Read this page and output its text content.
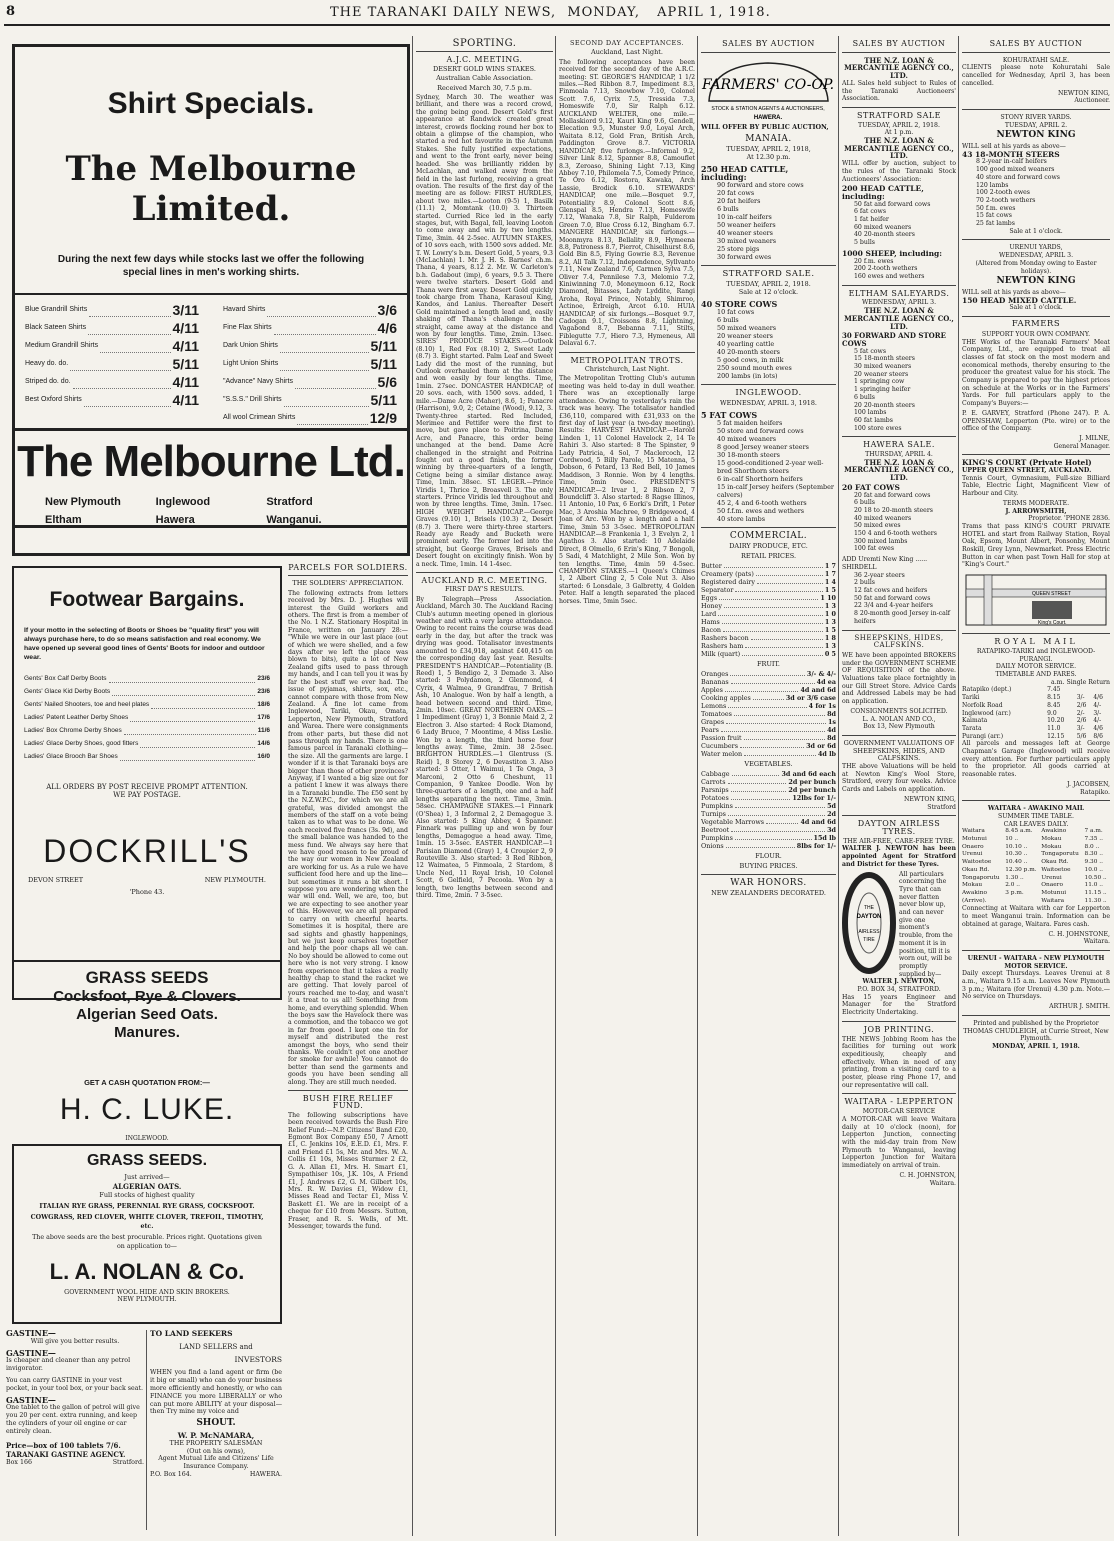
8	THE TARANAKI DAILY NEWS, MONDAY, APRIL 1, 1918.
Shirt Specials.
The Melbourne Limited.
During the next few days while stocks last we offer the following special lines in men's working shirts.
Blue Grandrill Shirts	3/11
Black Sateen Shirts	4/11
Medium Grandrill Shirts	4/11
Heavy do. do.	5/11
Striped do. do.	4/11
Best Oxford Shirts	4/11
Havard Shirts	3/6
Fine Flax Shirts	4/6
Dark Union Shirts	5/11
Light Union Shirts	5/11
"Advance" Navy Shirts	5/6
"S.S.S." Drill Shirts	5/11
All wool Crimean Shirts	12/9
The Melbourne Ltd.
New Plymouth	Inglewood	Stratford
Eltham	Hawera	Wanganui.
Footwear Bargains.
If your motto in the selecting of Boots or Shoes be "quality first" you will always purchase here, to do so means satisfaction and real economy. We have opened up several good lines of Gents' Boots for indoor and outdoor wear.
Gents' Box Calf Derby Boots	23/6
Gents' Glace Kid Derby Boots	23/6
Gents' Nailed Shooters, toe and heel plates	18/6
Ladies' Patent Leather Derby Shoes	17/6
Ladies' Box Chrome Derby Shoes	11/6
Ladies' Glace Derby Shoes, good fitters	14/6
Ladies' Glace Brooch Bar Shoes	16/0
ALL ORDERS BY POST RECEIVE PROMPT ATTENTION.
WE PAY POSTAGE.
DOCKRILL'S
DEVON STREET	NEW PLYMOUTH.
'Phone 43.
GRASS SEEDS
Cocksfoot, Rye & Clovers.
Algerian Seed Oats.
Manures.
GET A CASH QUOTATION FROM:—
H. C. LUKE.
INGLEWOOD.
GRASS SEEDS.
Just arrived—
ALGERIAN OATS.
Full stocks of highest quality
ITALIAN RYE GRASS, PERENNIAL RYE GRASS, COCKSFOOT.
COWGRASS, RED CLOVER, WHITE CLOVER, TREFOIL, TIMOTHY, etc.
The above seeds are the best procurable. Prices right. Quotations given on application to—
L. A. NOLAN & Co.
GOVERNMENT WOOL HIDE AND SKIN BROKERS.
NEW PLYMOUTH.
GASTINE—
Will give you better results.
GASTINE—
Is cheaper and cleaner than any petrol invigorator.
You can carry GASTINE in your vest pocket, in your tool box, or your back seat.
GASTINE—
One tablet to the gallon of petrol will give you 20 per cent. extra running, and keep the cylinders of your oil engine or car entirely clean.
Price—box of 100 tablets 7/6.
TARANAKI GASTINE AGENCY.
Box 166	Stratford.
TO LAND SEEKERS
LAND SELLERS and
INVESTORS
WHEN you find a land agent or firm (be it big or small) who can do your business more efficiently and honestly, or who can FINANCE you more LIBERALLY or who can put more ABILITY at your disposal—then Try mine my voice and
SHOUT.
W. P. McNAMARA,
THE PROPERTY SALESMAN
(Out on his owns),
Agent Mutual Life and Citizens' Life Insurance Company.
P.O. Box 164.	HAWERA.
PARCELS FOR SOLDIERS.
THE SOLDIERS' APPRECIATION.
The following extracts from letters received by Mrs. D. J. Hughes will interest the Guild workers and others. The first is from a member of the No. 1 N.Z. Stationary Hospital in France, written on January 28:— "While we were in our last place (out of which we were shelled, and a few days after we left the place was blown to bits), quite a lot of New Zealand gifts used to pass through my hands, and I can tell you it was by far the best stuff we ever had. The issue of pyjamas, shirts, sox, etc., cannot compare with those from New Zealand. A fine lot came from Inglewood, Tariki, Okau, Omata, Lepperton, New Plymouth, Stratford and Warea. There were consignments from other parts, but these did not pass through my hands. There is one famous parcel in Taranaki clothing— the size. All the garments are large. I wonder if it is that Taranaki boys are bigger than those of other provinces? Anyway, if I wanted a big size out for a patient I knew it was always there in a Taranaki bundle. The £50 sent by the N.Z.W.P.C., for which we are all grateful, was divided amongst the members of the staff on a vote being taken as to what was to be done. We each received five francs (3s. 9d), and the small balance was handed to the mess fund. We always say here that we have good reason to be proud of the way our women in New Zealand are working for us. As a rule we have sufficient food here and up the line—but sometimes it runs a bit short. I suppose you are wondering when the war will end. Well, we are, too, but we are expecting to see another year of this. However, we are all prepared to carry on with cheerful hearts. Sometimes it is hospital, there are sad sights and ghastly happenings, but we just keep ourselves together and help the poor chaps all we can. No boy should be allowed to come out here who is not very strong. I know from experience that it takes a really healthy chap to stand the racket we are getting. That lovely parcel of yours reached me to-day, and wasn't it a treat to us all! Something from home, and everything splendid. When the boys saw the Havelock there was a commotion, and the tobacco we got in far from good. I kept one tin for myself and distributed the rest amongst the boys, who send their thanks. We couldn't get one another for smoke for awhile! You cannot do better than send the garments and goods you have been sending all along. They are still much needed.
BUSH FIRE RELIEF FUND.
The following subscriptions have been received towards the Bush Fire Relief Fund:—N.P. Citizens' Band £20, Egmont Box Company £50, 7 Arnott £1, C. Jenkins 10s, E.E.D. £1, Mrs. F. and Friend £1 5s, Mr. and Mrs. W. A. Collis £1 10s, Misses Sturmer 2 £2, G. A. Allan £1, Mrs. H. Smart £1, Sympathiser 10s, J.K. 10s, A Friend £1, J. Andrews £2, G. M. Gilbert 10s, Mrs. R. W. Davies £1, Widow £1, Misses Read and Tectar £1, Miss V. Baskett £1. We are in receipt of a cheque for £10 from Messrs. Sutton, Fraser, and R. S. Wells, of Mt. Messenger, towards the fund.
SPORTING.
A.J.C. MEETING.
DESERT GOLD WINS STAKES.
Australian Cable Association.
Received March 30, 7.5 p.m.
Sydney, March 30. The weather was brilliant, and there was a record crowd, the going being good. Desert Gold's first appearance at Randwick created great interest, crowds flocking round her box to obtain a glimpse of the champion, who started a red hot favourite in the Autumn Stakes. She fully justified expectations, and went to the front early, never being headed. She was brilliantly ridden by McLachlan, and walked away from the field in the last furlong, receiving a great ovation. The results of the first day of the meeting are as follow: FIRST HURDLES, about two miles.—Looton (9-5) 1, Basilk (11.1) 2, Momtank (10.0) 3. Thirteen started. Curried Rice led in the early stages, but, with Bagal, fell, leaving Looton to come away and win by two lengths. Time, 3min. 44 2-5sec. AUTUMN STAKES, of 10 sovs each, with 1500 sovs added. Mr. T. W. Lowry's b.m. Desert Gold, 5 years, 9.3 (McLachlan) 1. Mr. J. H. S. Barnes' ch.m. Thana, 4 years, 8.12 2. Mr. W. Carleton's b.h. Gadabout (imp), 6 years, 9.5 3. There were twelve starters. Desert Gold and Thana were first away. Desert Gold quickly took charge from Thana, Karasoul King, Kandos, and Lanius. Thereafter Desert Gold maintained a length lead and, easily shaking off Thana's challenge in the straight, came away at the distance and won by four lengths. Time, 2min. 13sec. SIRES' PRODUCE STAKES.—Outlook (8.10) 1, Red Fox (8.10) 2, Sweet Lady (8.7) 3. Eight started. Palm Leaf and Sweet Lady did the most of the running, but Outlook overhauled them at the distance and won easily by four lengths. Time, 1min. 27sec. DONCASTER HANDICAP, of 20 sovs. each, with 1500 sovs. added, 1 mile.—Dame Acre (Maher), 8.6, 1; Panacre (Harrison), 9.0, 2; Cetaine (Wood), 9.12, 3. Twenty-three started. Red Included, Merimee and Pettifer were the first to move, but gave place to Poitrina, Dame Acre, and Panacre, this order being unchanged at the bend. Dame Acre challenged in the straight and Poitrina fought out a good finish, the former winning by three-quarters of a length, Cetigne being a similar distance away. Time, 1min. 38sec. ST. LEGER.—Prince Viridis 1, Thrice 2, Broasvell 3. The only starters. Prince Viridis led throughout and won by three lengths. Time, 3min. 17sec. HIGH WEIGHT HANDICAP.—George Graves (9.10) 1, Brisels (10.3) 2, Desert (8.7) 3. There were thirty-three starters. Ready aye Ready and Bucketh were prominent early. The former led into the straight, but George Graves, Brisels and Desert fought on excitingly finish. Won by a neck. Time, 1min. 14 1-4sec.
AUCKLAND R.C. MEETING.
FIRST DAY'S RESULTS.
By Telegraph—Press Association. Auckland, March 30. The Auckland Racing Club's autumn meeting opened in glorious weather and with a very large attendance. Owing to recent rains the course was dead early in the day, but after the track was drying was good. Totalisator investments amounted to £34,918, against £40,415 on the corresponding day last year. Results: PRESIDENT'S HANDICAP.—Potentiality (B. Reed) 1, 5 Bendigo 2, 3 Demade 3. Also started: 3 Polydamon, 2 Glenmond, 4 Cyrix, 4 Walmea, 9 Grandfrau, 7 British Ash, 10 Analogue. Won by half a length, a head between second and third. Time, 2min. 10sec. GREAT NORTHERN OAKS.—1 Impediment (Gray) 1, 3 Bonnie Maid 2, 2 Electron 3. Also started: 4 Rock Diamond, 6 Lady Bruce, 7 Moontime, 4 Miss Leslie. Won by a length, the third horse four lengths away. Time, 2min. 38 2-5sec. BRIGHTON HURDLES.—1 Glentruss (S. Reid) 1, 8 Storey 2, 6 Devastiton 3. Also started: 3 Otter, 1 Waimui, 1 Te Onga, 3 Marconi, 2 Otto 6 Cheshunt, 11 Companion, 9 Yankee Doodle. Won by three-quarters of a length, one and a half lengths separating the next. Time, 3min. 58sec. CHAMPAGNE STAKES.—1 Finnark (O'Shea) 1, 3 Informal 2, 2 Demagogue 3. Also started: 5 King Abbey, 4 Spanner. Finnark was pulling up and won by four lengths, Demagogue a head away. Time, 1min. 15 3-5sec. EASTER HANDICAP.—1 Parisian Diamond (Gray) 1, 4 Croupier 2, 9 Routeville 3. Also started: 3 Red Ribbon, 12 Waimatea, 5 Finmoala, 2 Stardom, 8 Uncle Ned, 11 Royal Irish, 10 Colonel Scott, 6 Gelfield, 7 Pecoola. Won by a length, two lengths between second and third. Time, 2min. 7 3-5sec.
SECOND DAY ACCEPTANCES.
Auckland, Last Night.
The following acceptances have been received for the second day of the A.R.C. meeting: ST. GEORGE'S HANDICAP, 1 1/2 miles.—Red Ribbon 8.7, Impediment 8.3, Finmoala 7.13, Snowbow 7.10, Colonel Scott 7.6, Cyrix 7.5, Tressida 7.3, Homeswife 7.0, Sir Ralph 6.12. AUCKLAND WELTER, one mile.—Mollaskiord 9.12, Kauri King 9.6, Gendell, Elecation 9.5, Munster 9.0, Loyal Arch, Waitata 8.12, Gold Fran, British Arch, Paddington Grove 8.7. VICTORIA HANDICAP, five furlongs.—Informal 9.2, Silver Link 8.12, Spanner 8.8, Camouflet 8.3, Zeroaso, Shining Light 7.13, King Abbey 7.10, Philomela 7.5, Comedy Prince, Te Oro 6.12, Rostora, Kawaka, Arch Lassie, Brodick 6.10. STEWARDS' HANDICAP, one mile.—Bosquet 9.7, Potentiality 8.9, Colonel Scott 8.6, Glenspal 8.5, Hendra 7.13, Homeswife 7.12, Wanaka 7.8, Sir Ralph, Fulderom Green 7.0, Blue Cross 6.12, Bingham 6.7. MANGERE HANDICAP, six furlongs.—Moonmyra 8.13, Bellality 8.9, Hymeena 8.8, Patroness 8.7, Pierrot, Chiselhurst 8.6, Gold Bin 8.5, Flying Gowrie 8.3, Revenue 8.2, All Talk 7.12, Independence, Syllvanto 7.11, New Zealand 7.6, Carmen Sylva 7.5, Oliver 7.4, Pennilese 7.3, Melomio 7.2, Kiniwinning 7.0, Moneymoon 6.12, Rock Diamond, Bitasses, Lady Lyddite, Rangi Aroha, Royal Prince, Notably, Shimroo, Actinoe, Erlreigh, Arcot 6.10. HUIA HANDICAP, of six furlongs.—Bosquet 9.7, Cadogan 9.1, Croissons 8.8, Lightning, Vagabond 8.7, Bebanna 7.11, Stilts, Fiblegutte 7.7, Hiero 7.3, Hymeneus, All Delaval 6.7.
METROPOLITAN TROTS.
Christchurch, Last Night.
The Metropolitan Trotting Club's autumn meeting was held to-day in dull weather. There was an exceptionally large attendance. Owing to yesterday's rain the track was heavy. The totalisator handled £36,110, compared with £31,933 on the first day of last year (a two-day meeting). Results: HARVEST HANDICAP.—Harold Linden 1, 11 Colonel Havelock 2, 14 Te Rahiri 3. Also started: 8 The Spinster, 9 Lady Patricia, 4 Sol, 7 Maclercoch, 12 Cordwood, 5 Billy Parole, 15 Matenna, 5 Dobson, 6 Petard, 13 Red Bell, 10 James Maddison, 3 Ronnie. Won by 4 lengths. Time, 5min 0sec. PRESIDENT'S HANDICAP.—2 Irvar 1, 2 Ribson 2, 7 Boundcliff 3. Also started: 8 Ragse Illinos, 11 Antonio, 10 Pax, 6 Eorki's Drift, 1 Peter Mac, 3 Aroshia Machree, 9 Bridgewood, 4 Joan of Arc. Won by a length and a half. Time, 3min 53 3-5sec. METROPOLITAN HANDICAP.—8 Frankenia 1, 3 Evelyn 2, 1 Agathos 3. Also started: 10 Adelaide Direct, 8 Olmello, 6 Erin's King, 7 Bongoli, 5 Sadi, 4 Matchlight, 2 Mile Son. Won by ten lengths. Time, 4min 59 4-5sec. CHAMPION STAKES.—1 Queen's Chimes 1, 2 Albert Cling 2, 5 Cole Nut 3. Also started: 6 Lonsdale, 3 Galbretty, 4 Golden Peter. Half a length separated the placed horses. Time, 5min 5sec.
SALES BY AUCTION
FARMERS' CO-OP.
STOCK & STATION AGENTS & AUCTIONEERS,
HAWERA.
WILL OFFER BY PUBLIC AUCTION,
MANAIA.
TUESDAY, APRIL 2, 1918,
At 12.30 p.m.
250 HEAD CATTLE, including:
90 forward and store cows
20 fat cows
20 fat heifers
6 bulls
10 in-calf heifers
50 weaner heifers
40 weaner steers
30 mixed weaners
25 store pigs
30 forward ewes
STRATFORD SALE.
TUESDAY, APRIL 2, 1918.
Sale at 12 o'clock.
40 STORE COWS
10 fat cows
6 bulls
50 mixed weaners
20 weaner steers
40 yearling cattle
40 20-month steers
5 good cows, in milk
250 sound mouth ewes
200 lambs (in lots)
INGLEWOOD.
WEDNESDAY, APRIL 3, 1918.
5 FAT COWS
5 fat maiden heifers
50 store and forward cows
40 mixed weaners
8 good Jersey weaner steers
30 18-month steers
15 good-conditioned 2-year well-bred Shorthorn steers
6 in-calf Shorthorn heifers
15 in-calf Jersey heifers (September calvers)
45 2, 4 and 6-tooth wethers
50 f.f.m. ewes and wethers
40 store lambs
COMMERCIAL.
DAIRY PRODUCE, ETC.
RETAIL PRICES.
Butter	1 7
Creamery (pats)	1 7
Registered dairy	1 4
Separator	1 5
Eggs	1 10
Honey	1 3
Lard	1 0
Hams	1 3
Bacon	1 5
Rashers bacon	1 8
Rashers ham	1 3
Milk (quart)	0 5
FRUIT.
Oranges	3/- & 4/-
Bananas	4d ea
Apples	4d and 6d
Cooking apples	3d or 3/6 case
Lemons	4 for 1s
Tomatoes	8d
Grapes	1s
Pears	4d
Passion fruit	8d
Cucumbers	3d or 6d
Water melon	4d lb
VEGETABLES.
Cabbage	3d and 6d each
Carrots	2d per bunch
Parsnips	2d per bunch
Potatoes	12lbs for 1/-
Pumpkins	5d
Turnips	2d
Vegetable Marrows	4d and 6d
Beetroot	3d
Pumpkins	15d lb
Onions	8lbs for 1/-
FLOUR.
BUYING PRICES.
WAR HONORS.
NEW ZEALANDERS DECORATED.
SALES BY AUCTION
THE N.Z. LOAN & MERCANTILE AGENCY CO., LTD.
ALL Sales held subject to Rules of the Taranaki Auctioneers' Association.
STRATFORD SALE
TUESDAY, APRIL 2, 1918.
At 1 p.m.
THE N.Z. LOAN & MERCANTILE AGENCY CO., LTD.
WILL offer by auction, subject to the rules of the Taranaki Stock Auctioneers' Association:
200 HEAD CATTLE, including:
50 fat and forward cows
6 fat cows
1 fat heifer
60 mixed weaners
40 20-month steers
5 bulls
1000 SHEEP, including:
20 f.m. ewes
200 2-tooth wethers
160 ewes and wethers
ELTHAM SALEYARDS.
WEDNESDAY, APRIL 3.
THE N.Z. LOAN & MERCANTILE AGENCY CO., LTD.
30 FORWARD AND STORE COWS
5 fat cows
15 18-month steers
30 mixed weaners
20 weaner steers
1 springing cow
1 springing heifer
6 bulls
20 20-month steers
100 lambs
60 fat lambs
100 store ewes
HAWERA SALE.
THURSDAY, APRIL 4.
THE N.Z. LOAN & MERCANTILE AGENCY CO., LTD.
20 FAT COWS
20 fat and forward cows
6 bulls
20 18 to 20-month steers
40 mixed weaners
50 mixed ewes
150 4 and 6-tooth wethers
300 mixed lambs
100 fat ewes
ADD Uremti New King ...... SHIRDELL
36 2-year steers
2 bulls
12 fat cows and heifers
50 fat and forward cows
22 3/4 and 4-year heifers
8 20-month good Jersey in-calf heifers
SHEEPSKINS, HIDES, CALFSKINS.
WE have been appointed BROKERS under the GOVERNMENT SCHEME OF REQUISITION of the above. Valuations take place fortnightly in our Gill Street Store. Advice Cards and Addressed Labels may be had on application.
CONSIGNMENTS SOLICITED.
L. A. NOLAN AND CO.,
Box 13, New Plymouth
GOVERNMENT VALUATIONS OF SHEEPSKINS, HIDES, AND CALFSKINS.
THE above Valuations will be held at Newton King's Wool Store, Stratford, every four weeks. Advice Cards and Labels on application.
NEWTON KING,
Stratford
DAYTON AIRLESS TYRES.
THE AIR-FREE, CARE-FREE TYRE.
WALTER J. NEWTON has been appointed Agent for Stratford and District for these Tyres.
THE
DAYTON
AIRLESS
TIRE
All particulars concerning the Tyre that can never flatten never blow up, and can never give one moment's trouble, from the moment it is in position, till it is worn out, will be promptly supplied by—
WALTER J. NEWTON,
P.O. BOX 34, STRATFORD.
Has 15 years Engineer and Manager for the Stratford Electricity Undertaking.
JOB PRINTING.
THE NEWS Jobbing Room has the facilities for turning out work expeditiously, cheaply and effectively. When in need of any printing, from a visiting card to a poster, please ring Phone 17, and our representative will call.
WAITARA - LEPPERTON
MOTOR-CAR SERVICE
A MOTOR-CAR will leave Waitara daily at 10 o'clock (noon), for Lepperton Junction, connecting with the mid-day train from New Plymouth to Wanganui, leaving Lepperton Junction for Waitara immediately on arrival of train.
C. H. JOHNSTON,
Waitara.
SALES BY AUCTION
KOHURATAHI SALE.
CLIENTS please note Kohuratahi Sale cancelled for Wednesday, April 3, has been cancelled.
NEWTON KING,
Auctioneer.
STONY RIVER YARDS.
TUESDAY, APRIL 2.
NEWTON KING
WILL sell at his yards as above—
43 18-MONTH STEERS
8 2-year in-calf heifers
100 good mixed weaners
40 store and forward cows
120 lambs
100 2-tooth ewes
70 2-tooth wethers
50 f.m. ewes
15 fat cows
25 fat lambs
Sale at 1 o'clock.
URENUI YARDS,
WEDNESDAY, APRIL 3.
(Altered from Monday owing to Easter holidays).
NEWTON KING
WILL sell at his yards as above—
150 HEAD MIXED CATTLE.
Sale at 1 o'clock.
FARMERS
SUPPORT YOUR OWN COMPANY.
THE Works of the Taranaki Farmers' Meat Company, Ltd., are equipped to treat all classes of fat stock on the most modern and economical methods, thereby ensuring to the producer the greatest value for his stock. The Company is prepared to pay the highest prices on schedule at the Works or in the Farmers' Yards. For full particulars apply to the Company's Buyers:—
P. E. GARVEY, Stratford (Phone 247). P. A. OPENSHAW, Lepperton (Pte. wire) or to the office of the Company.
J. MILNE,
General Manager.
KING'S COURT (Private Hotel)
UPPER QUEEN STREET, AUCKLAND.
Tennis Court, Gymnasium, Full-size Billiard Table, Electric Light, Magnificent View of Harbour and City.
TERMS MODERATE.
J. ARROWSMITH,
Proprietor. 'PHONE 2836.
Trams that pass KING'S COURT PRIVATE HOTEL and start from Railway Station, Royal Oak, Epsom, Mount Albert, Ponsonby, Mount Roskill, Grey Lynn, Newmarket. Press Electric Button in car when past Town Hall for stop at "King's Court."
QUEEN STREET
King's Court.
ROYAL MAIL
RATAPIKO-TARIKI and INGLEWOOD-PURANGI.
DAILY MOTOR SERVICE.
TIMETABLE AND FARES.
a.m. Single Return
Ratapiko (dept.)	7.45		
Tariki	8.15	3/-	4/6
Norfolk Road	8.45	2/6	4/-
Inglewood (arr.)	9.0	2/-	3/-
Kaimata	10.20	2/6	4/-
Tarata	11.0	3/-	4/6
Purangi (arr.)	12.15	5/6	8/6
All parcels and messages left at George Chapman's Garage (Inglewood) will receive every attention. For further particulars apply to the proprietor. All goods carried at reasonable rates.
J. JACOBSEN,
Ratapiko.
WAITARA - AWAKINO MAIL
SUMMER TIME TABLE.
CAR LEAVES DAILY.
Waitara	8.45 a.m.	Awakino	7 a.m.
Motunui	10 ..	Mokau	7.35 ..
Onaero	10.10 ..	Mokau	8.0 ..
Urenui	10.30 ..	Tongaporutu	8.30 ..
Waitoetoe	10.40 ..	Okau Rd.	9.30 ..
Okau Rd.	12.30 p.m.	Waitoetoe	10.0 ..
Tongaporutu	1.30 ..	Urenui	10.50 ..
Mokau	2.0 ..	Onaero	11.0 ..
Awakino	3 p.m.	Motunui	11.15 ..
(Arrive).		Waitara	11.30 ..
Connecting at Waitara with car for Lepperton to meet Wanganui train. Information can be obtained at garage, Waitara. Fares cash.
C. H. JOHNSTONE,
Waitara.
URENUI - WAITARA - NEW PLYMOUTH MOTOR SERVICE.
Daily except Thursdays. Leaves Urenui at 8 a.m., Waitara 9.15 a.m. Leaves New Plymouth 3 p.m.; Waitara (for Urenui) 4.30 p.m. Note.—No service on Thursdays.
ARTHUR J. SMITH.
Printed and published by the Proprietor THOMAS CHUDLEIGH, at Currie Street, New Plymouth.
MONDAY, APRIL 1, 1918.
